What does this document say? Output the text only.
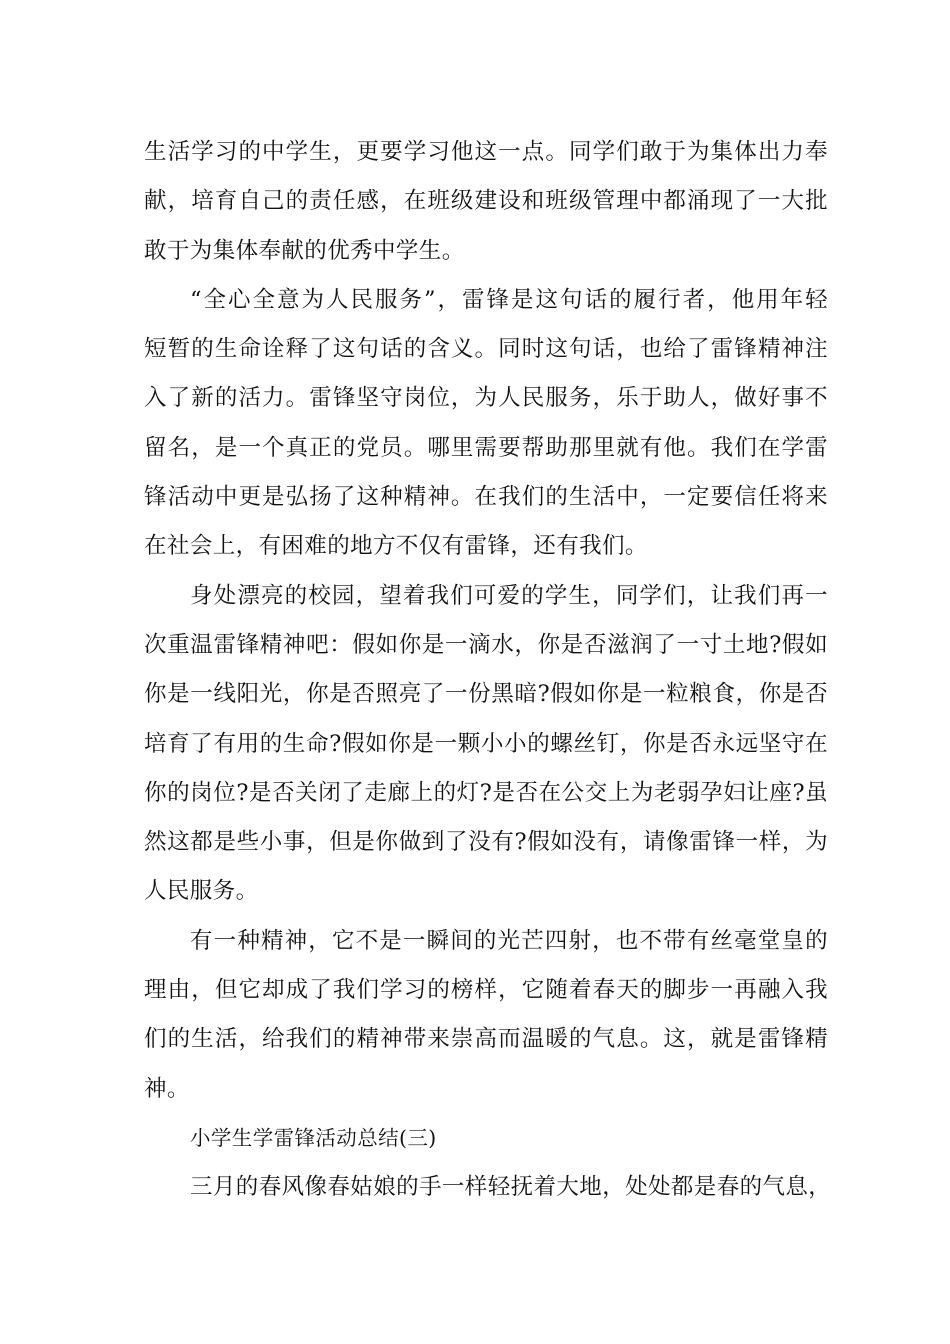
生活学习的中学生，更要学习他这一点。同学们敢于为集体出力奉
献，培育自己的责任感，在班级建设和班级管理中都涌现了一大批
敢于为集体奉献的优秀中学生。
“全心全意为人民服务”，雷锋是这句话的履行者，他用年轻
短暂的生命诠释了这句话的含义。同时这句话，也给了雷锋精神注
入了新的活力。雷锋坚守岗位，为人民服务，乐于助人，做好事不
留名，是一个真正的党员。哪里需要帮助那里就有他。我们在学雷
锋活动中更是弘扬了这种精神。在我们的生活中，一定要信任将来
在社会上，有困难的地方不仅有雷锋，还有我们。
身处漂亮的校园，望着我们可爱的学生，同学们，让我们再一
次重温雷锋精神吧：假如你是一滴水，你是否滋润了一寸土地?假如
你是一线阳光，你是否照亮了一份黑暗?假如你是一粒粮食，你是否
培育了有用的生命?假如你是一颗小小的螺丝钉，你是否永远坚守在
你的岗位?是否关闭了走廊上的灯?是否在公交上为老弱孕妇让座?虽
然这都是些小事，但是你做到了没有?假如没有，请像雷锋一样，为
人民服务。
有一种精神，它不是一瞬间的光芒四射，也不带有丝毫堂皇的
理由，但它却成了我们学习的榜样，它随着春天的脚步一再融入我
们的生活，给我们的精神带来崇高而温暖的气息。这，就是雷锋精
神。
小学生学雷锋活动总结(三)
三月的春风像春姑娘的手一样轻抚着大地，处处都是春的气息，
